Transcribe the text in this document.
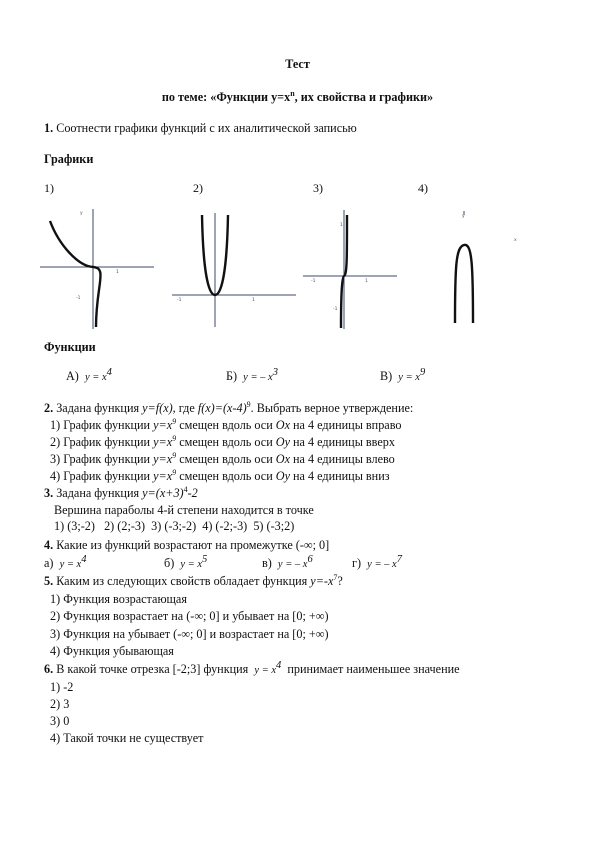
Тест
по теме: «Функции $y=x^n$, их свойства и графики»
1. Соотнести графики функций с их аналитической записью
Графики
1)	2)	3)	4)
y
1
-1	-1	1
1
-1	1
-1
y
x
Функции
А) $y = x^4$	Б) y = – $x^3$	В) $y = x^9$
2. Задана функция y=f(x), где $f(x)=(x-4)^9$. Выбрать верное утверждение:
1) График функции $y=x^9$ смещен вдоль оси Ox на 4 единицы вправо
2) График функции $y=x^9$ смещен вдоль оси Oy на 4 единицы вверх
3) График функции $y=x^9$ смещен вдоль оси Ox на 4 единицы влево
4) График функции $y=x^9$ смещен вдоль оси Oy на 4 единицы вниз
3. Задана функция $y=(x+3)^4-2$
Вершина параболы 4-й степени находится в точке
1) (3;-2)   2) (2;-3)  3) (-3;-2)  4) (-2;-3)  5) (-3;2)
4. Какие из функций возрастают на промежутке (-∞; 0]
а) $y = x^4$	б) $y = x^5$	в) y = – $x^6$	г) y = – $x^7$
5. Каким из следующих свойств обладает функция $y=-x^7$?
1) Функция возрастающая
2) Функция возрастает на (-∞; 0] и убывает на [0; +∞)
3) Функция на убывает (-∞; 0] и возрастает на [0; +∞)
4) Функция убывающая
6. В какой точке отрезка [-2;3] функция $y = x^4$ принимает наименьшее значение
1) -2
2) 3
3) 0
4) Такой точки не существует
